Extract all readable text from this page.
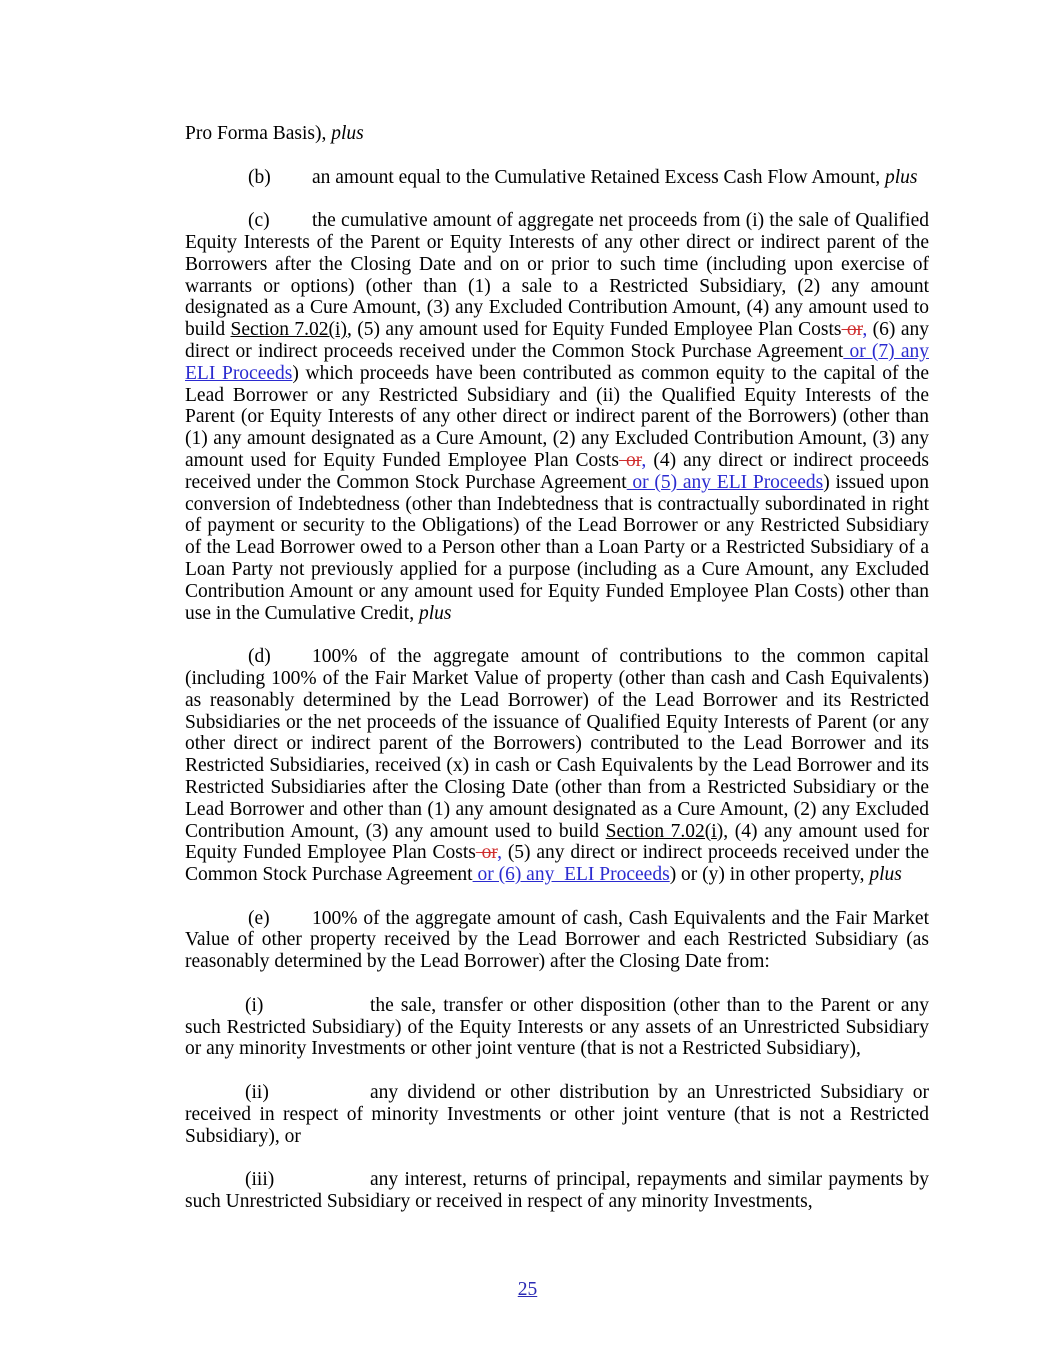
Pro Forma Basis), plus

(b) an amount equal to the Cumulative Retained Excess Cash Flow Amount, plus

(c) the cumulative amount of aggregate net proceeds from (i) the sale of Qualified Equity Interests of the Parent or Equity Interests of any other direct or indirect parent of the Borrowers after the Closing Date and on or prior to such time (including upon exercise of warrants or options) (other than (1) a sale to a Restricted Subsidiary, (2) any amount designated as a Cure Amount, (3) any Excluded Contribution Amount, (4) any amount used to build Section 7.02(i), (5) any amount used for Equity Funded Employee Plan Costs or, (6) any direct or indirect proceeds received under the Common Stock Purchase Agreement or (7) any ELI Proceeds) which proceeds have been contributed as common equity to the capital of the Lead Borrower or any Restricted Subsidiary and (ii) the Qualified Equity Interests of the Parent (or Equity Interests of any other direct or indirect parent of the Borrowers) (other than (1) any amount designated as a Cure Amount, (2) any Excluded Contribution Amount, (3) any amount used for Equity Funded Employee Plan Costs or, (4) any direct or indirect proceeds received under the Common Stock Purchase Agreement or (5) any ELI Proceeds) issued upon conversion of Indebtedness (other than Indebtedness that is contractually subordinated in right of payment or security to the Obligations) of the Lead Borrower or any Restricted Subsidiary of the Lead Borrower owed to a Person other than a Loan Party or a Restricted Subsidiary of a Loan Party not previously applied for a purpose (including as a Cure Amount, any Excluded Contribution Amount or any amount used for Equity Funded Employee Plan Costs) other than use in the Cumulative Credit, plus

(d) 100% of the aggregate amount of contributions to the common capital (including 100% of the Fair Market Value of property (other than cash and Cash Equivalents) as reasonably determined by the Lead Borrower) of the Lead Borrower and its Restricted Subsidiaries or the net proceeds of the issuance of Qualified Equity Interests of Parent (or any other direct or indirect parent of the Borrowers) contributed to the Lead Borrower and its Restricted Subsidiaries, received (x) in cash or Cash Equivalents by the Lead Borrower and its Restricted Subsidiaries after the Closing Date (other than from a Restricted Subsidiary or the Lead Borrower and other than (1) any amount designated as a Cure Amount, (2) any Excluded Contribution Amount, (3) any amount used to build Section 7.02(i), (4) any amount used for Equity Funded Employee Plan Costs or, (5) any direct or indirect proceeds received under the Common Stock Purchase Agreement or (6) any  ELI Proceeds) or (y) in other property, plus

(e) 100% of the aggregate amount of cash, Cash Equivalents and the Fair Market Value of other property received by the Lead Borrower and each Restricted Subsidiary (as reasonably determined by the Lead Borrower) after the Closing Date from:

(i)	the sale, transfer or other disposition (other than to the Parent or any such Restricted Subsidiary) of the Equity Interests or any assets of an Unrestricted Subsidiary or any minority Investments or other joint venture (that is not a Restricted Subsidiary),

(ii)	any dividend or other distribution by an Unrestricted Subsidiary or received in respect of minority Investments or other joint venture (that is not a Restricted Subsidiary), or

(iii)	any interest, returns of principal, repayments and similar payments by such Unrestricted Subsidiary or received in respect of any minority Investments,

25
